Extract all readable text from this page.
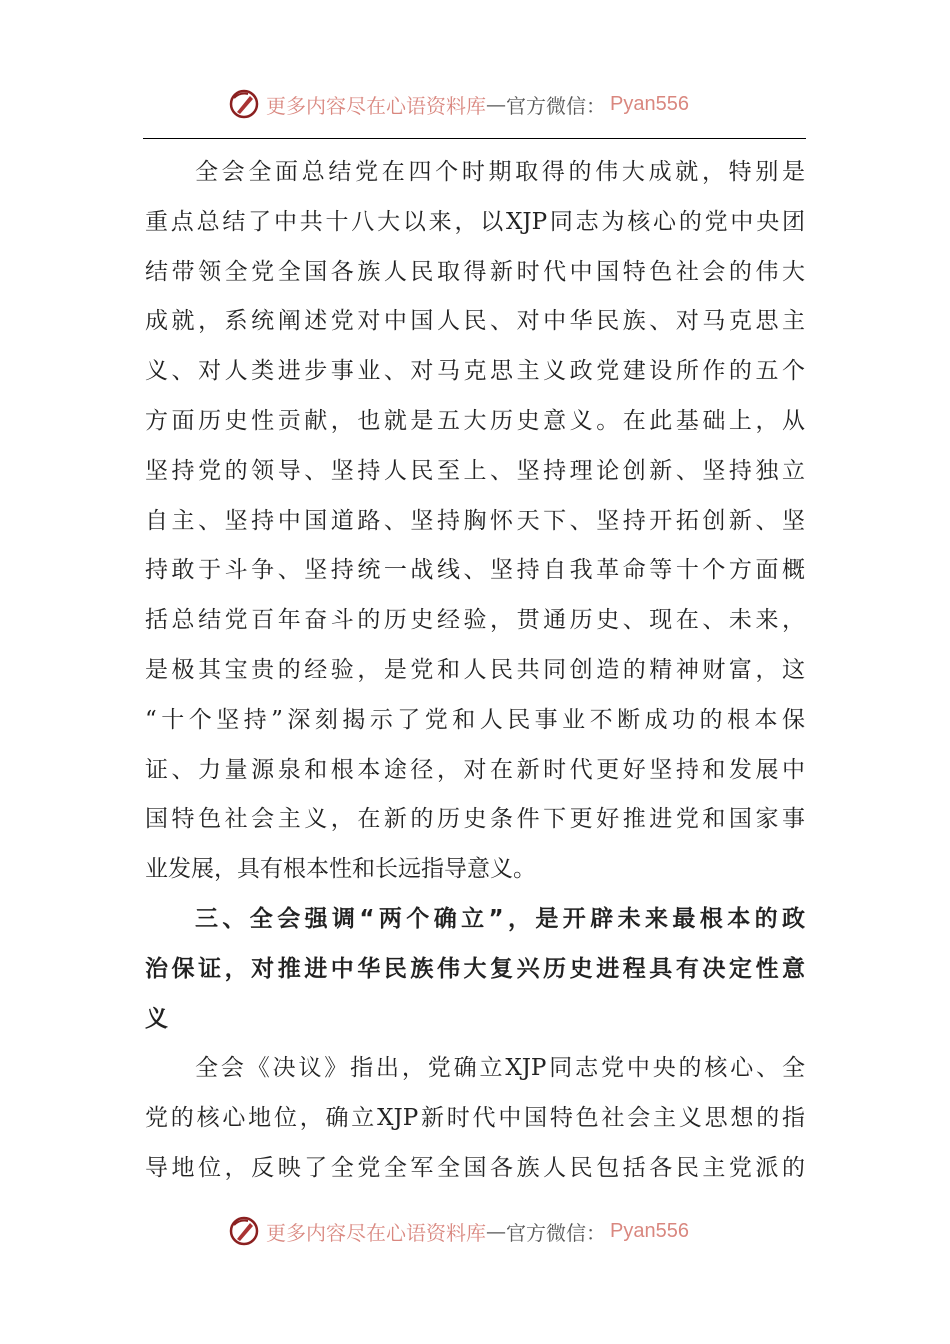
更多内容尽在心语资料库 — 官方微信： Pyan556
全会全面总结党在四个时期取得的伟大成就，特别是
重点总结了中共十八大以来，以XJP同志为核心的党中央团
结带领全党全国各族人民取得新时代中国特色社会的伟大
成就，系统阐述党对中国人民、对中华民族、对马克思主
义、对人类进步事业、对马克思主义政党建设所作的五个
方面历史性贡献，也就是五大历史意义。在此基础上，从
坚持党的领导、坚持人民至上、坚持理论创新、坚持独立
自主、坚持中国道路、坚持胸怀天下、坚持开拓创新、坚
持敢于斗争、坚持统一战线、坚持自我革命等十个方面概
括总结党百年奋斗的历史经验，贯通历史、现在、未来，
是极其宝贵的经验，是党和人民共同创造的精神财富，这
“十个坚持”深刻揭示了党和人民事业不断成功的根本保
证、力量源泉和根本途径，对在新时代更好坚持和发展中
国特色社会主义，在新的历史条件下更好推进党和国家事
业发展，具有根本性和长远指导意义。
三、全会强调“两个确立”，是开辟未来最根本的政
治保证，对推进中华民族伟大复兴历史进程具有决定性意
义
全会《决议》指出，党确立XJP同志党中央的核心、全
党的核心地位，确立XJP新时代中国特色社会主义思想的指
导地位，反映了全党全军全国各族人民包括各民主党派的
更多内容尽在心语资料库 — 官方微信： Pyan556
